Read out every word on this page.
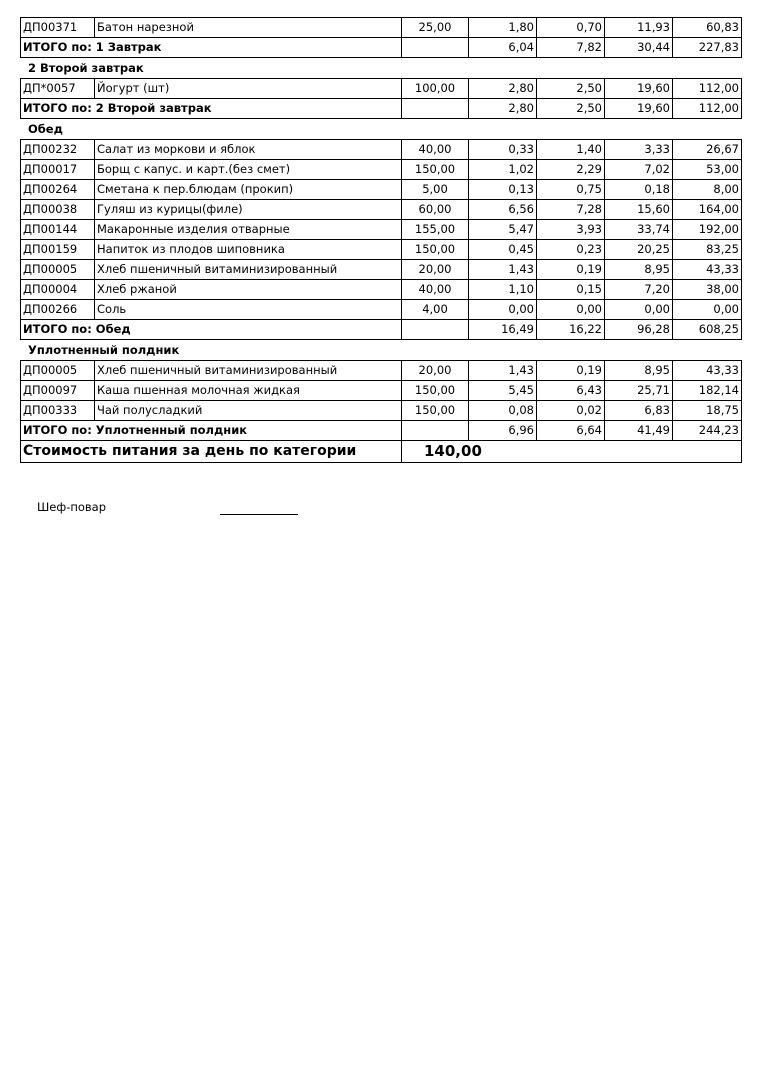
ДП00371	Батон нарезной	25,00	1,80	0,70	11,93	60,83
ИТОГО по: 1 Завтрак			6,04	7,82	30,44	227,83
2 Второй завтрак
ДП*0057	Йогурт (шт)	100,00	2,80	2,50	19,60	112,00
ИТОГО по: 2 Второй завтрак			2,80	2,50	19,60	112,00
Обед
ДП00232	Салат из моркови и яблок	40,00	0,33	1,40	3,33	26,67
ДП00017	Борщ с капус. и карт.(без смет)	150,00	1,02	2,29	7,02	53,00
ДП00264	Сметана к пер.блюдам (прокип)	5,00	0,13	0,75	0,18	8,00
ДП00038	Гуляш из курицы(филе)	60,00	6,56	7,28	15,60	164,00
ДП00144	Макаронные изделия отварные	155,00	5,47	3,93	33,74	192,00
ДП00159	Напиток из плодов шиповника	150,00	0,45	0,23	20,25	83,25
ДП00005	Хлеб пшеничный витаминизированный	20,00	1,43	0,19	8,95	43,33
ДП00004	Хлеб ржаной	40,00	1,10	0,15	7,20	38,00
ДП00266	Соль	4,00	0,00	0,00	0,00	0,00
ИТОГО по: Обед			16,49	16,22	96,28	608,25
Уплотненный полдник
ДП00005	Хлеб пшеничный витаминизированный	20,00	1,43	0,19	8,95	43,33
ДП00097	Каша пшенная молочная жидкая	150,00	5,45	6,43	25,71	182,14
ДП00333	Чай полусладкий	150,00	0,08	0,02	6,83	18,75
ИТОГО по: Уплотненный полдник			6,96	6,64	41,49	244,23
Стоимость питания за день по категории		140,00				
Шеф-повар
